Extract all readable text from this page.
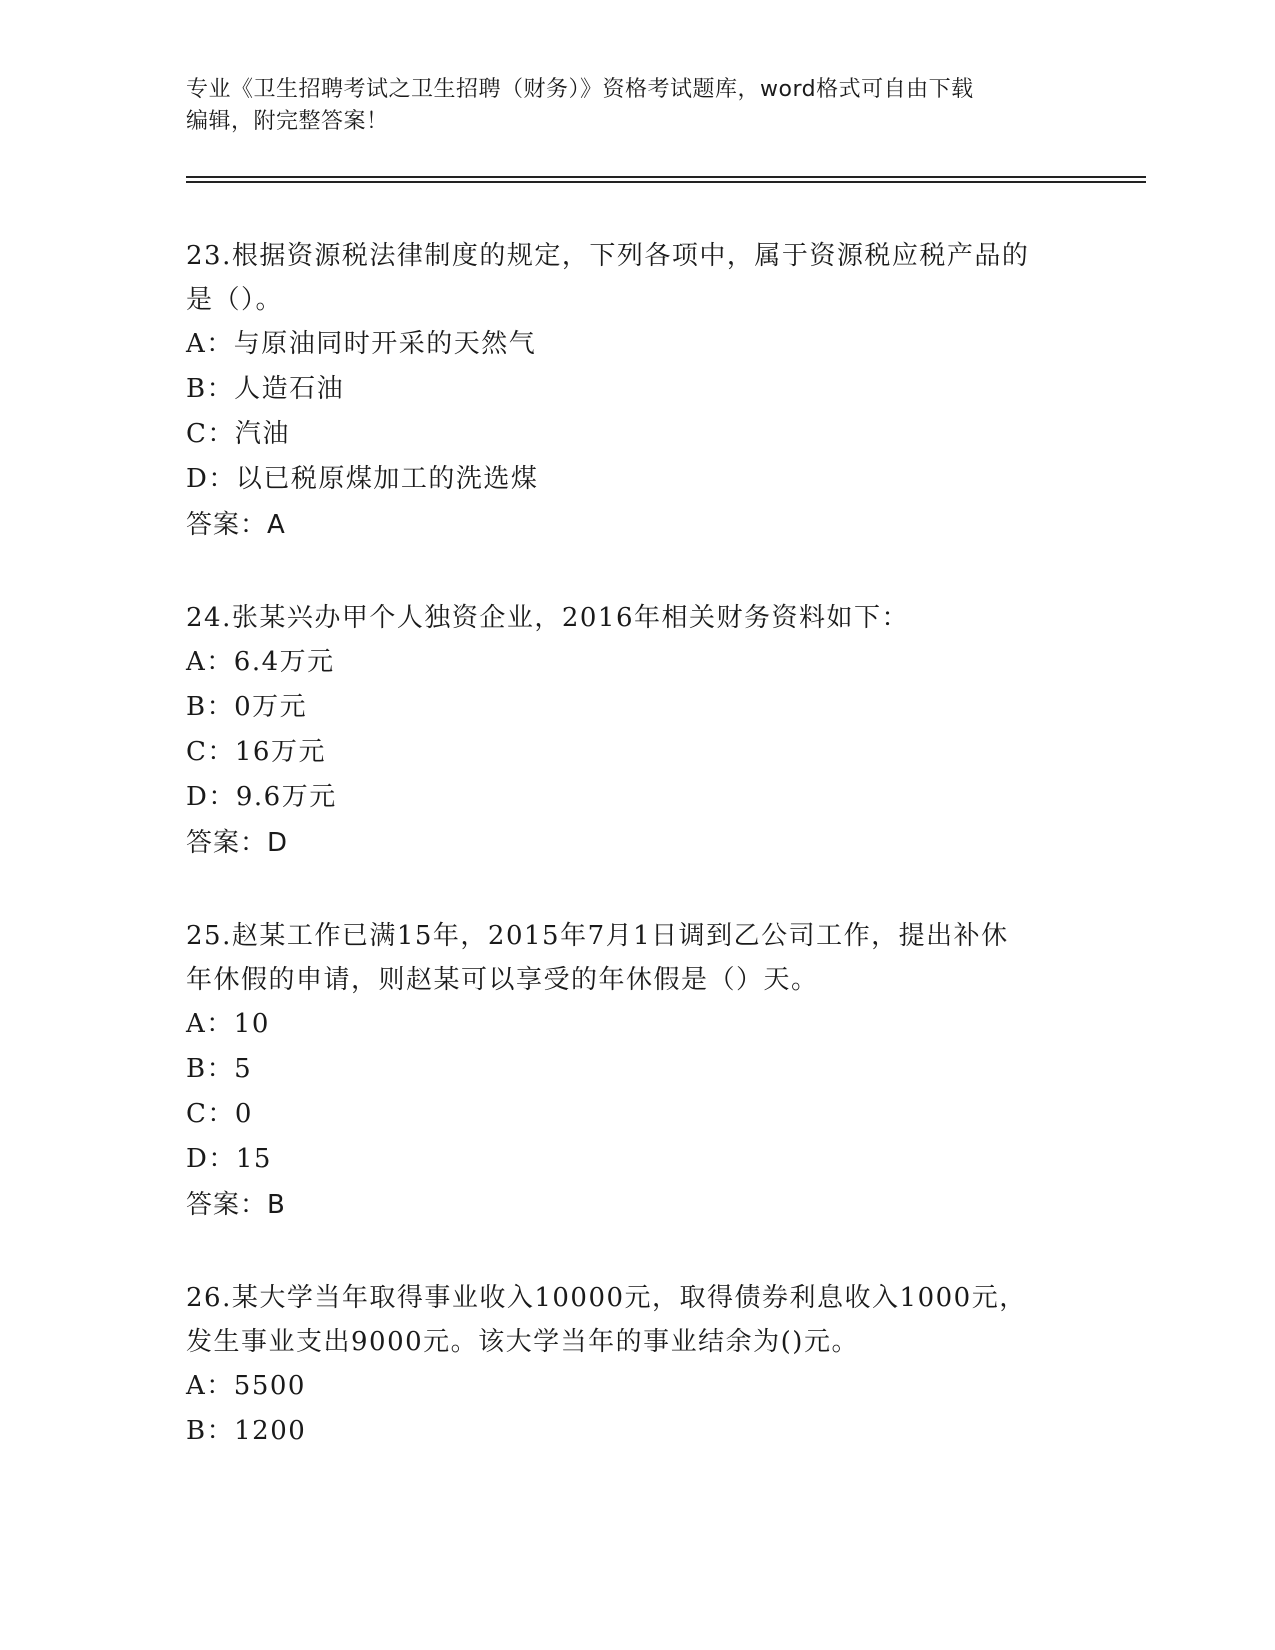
专业《卫生招聘考试之卫生招聘（财务）》资格考试题库，word格式可自由下载
编辑，附完整答案！
23.根据资源税法律制度的规定，下列各项中，属于资源税应税产品的
是（）。
A：与原油同时开采的天然气
B：人造石油
C：汽油
D：以已税原煤加工的洗选煤
答案：A
24.张某兴办甲个人独资企业，2016年相关财务资料如下：
A：6.4万元
B：0万元
C：16万元
D：9.6万元
答案：D
25.赵某工作已满15年，2015年7月1日调到乙公司工作，提出补休
年休假的申请，则赵某可以享受的年休假是（）天。
A：10
B：5
C：0
D：15
答案：B
26.某大学当年取得事业收入10000元，取得债券利息收入1000元，
发生事业支出9000元。该大学当年的事业结余为()元。
A：5500
B：1200
